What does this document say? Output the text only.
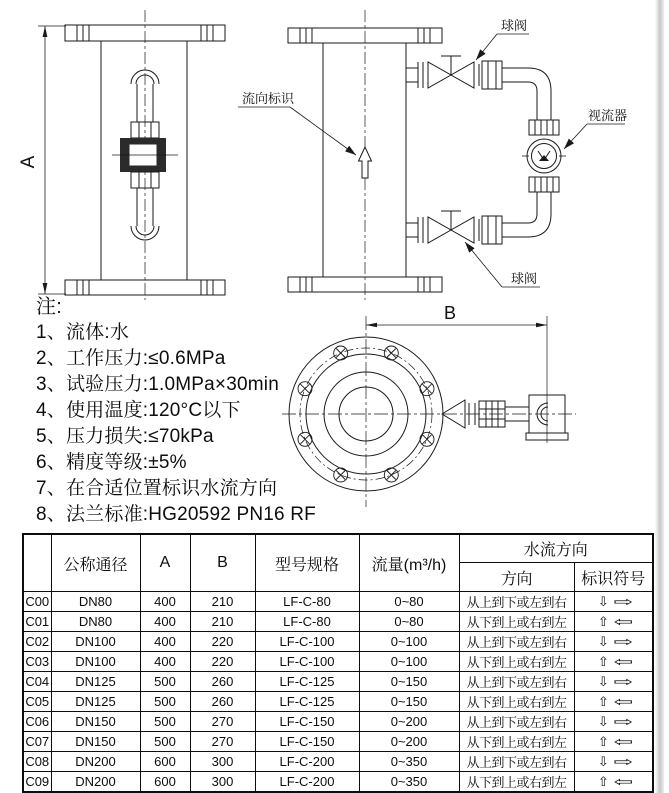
A
流向标识
球阀
视流器
球阀
B
注:
1、流体:水
2、工作压力:≤0.6MPa
3、试验压力:1.0MPa×30min
4、使用温度:120°C以下
5、压力损失:≤70kPa
6、精度等级:±5%
7、在合适位置标识水流方向
8、法兰标准:HG20592 PN16 RF
	公称通径	A	B	型号规格	流量(m³/h)	水流方向	
						方向	标识符号
C00	DN80	400	210	LF-C-80	0~80	从上到下或左到右	⇩ ⇨
C01	DN80	400	210	LF-C-80	0~80	从下到上或右到左	⇧ ⇦
C02	DN100	400	220	LF-C-100	0~100	从上到下或左到右	⇩ ⇨
C03	DN100	400	220	LF-C-100	0~100	从下到上或右到左	⇧ ⇦
C04	DN125	500	260	LF-C-125	0~150	从上到下或左到右	⇩ ⇨
C05	DN125	500	260	LF-C-125	0~150	从下到上或右到左	⇧ ⇦
C06	DN150	500	270	LF-C-150	0~200	从上到下或左到右	⇩ ⇨
C07	DN150	500	270	LF-C-150	0~200	从下到上或右到左	⇧ ⇦
C08	DN200	600	300	LF-C-200	0~350	从上到下或左到右	⇩ ⇨
C09	DN200	600	300	LF-C-200	0~350	从下到上或右到左	⇧ ⇦
